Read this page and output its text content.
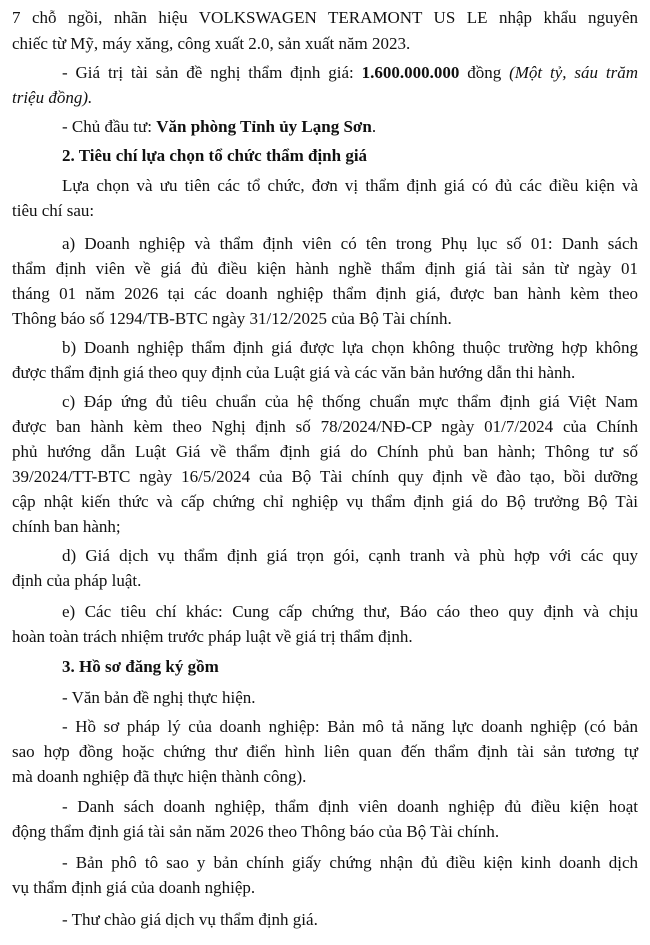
7 chỗ ngồi, nhãn hiệu VOLKSWAGEN TERAMONT US LE nhập khẩu nguyên
chiếc từ Mỹ, máy xăng, công xuất 2.0, sản xuất năm 2023.
- Giá trị tài sản đề nghị thẩm định giá: 1.600.000.000 đồng (Một tỷ, sáu trăm
triệu đồng).
- Chủ đầu tư: Văn phòng Tỉnh ủy Lạng Sơn.
2. Tiêu chí lựa chọn tổ chức thẩm định giá
Lựa chọn và ưu tiên các tổ chức, đơn vị thẩm định giá có đủ các điều kiện và
tiêu chí sau:
a) Doanh nghiệp và thẩm định viên có tên trong Phụ lục số 01: Danh sách
thẩm định viên về giá đủ điều kiện hành nghề thẩm định giá tài sản từ ngày 01
tháng 01 năm 2026 tại các doanh nghiệp thẩm định giá, được ban hành kèm theo
Thông báo số 1294/TB-BTC ngày 31/12/2025 của Bộ Tài chính.
b) Doanh nghiệp thẩm định giá được lựa chọn không thuộc trường hợp không
được thẩm định giá theo quy định của Luật giá và các văn bản hướng dẫn thi hành.
c) Đáp ứng đủ tiêu chuẩn của hệ thống chuẩn mực thẩm định giá Việt Nam
được ban hành kèm theo Nghị định số 78/2024/NĐ-CP ngày 01/7/2024 của Chính
phủ hướng dẫn Luật Giá về thẩm định giá do Chính phủ ban hành; Thông tư số
39/2024/TT-BTC ngày 16/5/2024 của Bộ Tài chính quy định về đào tạo, bồi dưỡng
cập nhật kiến thức và cấp chứng chỉ nghiệp vụ thẩm định giá do Bộ trưởng Bộ Tài
chính ban hành;
d) Giá dịch vụ thẩm định giá trọn gói, cạnh tranh và phù hợp với các quy
định của pháp luật.
e) Các tiêu chí khác: Cung cấp chứng thư, Báo cáo theo quy định và chịu
hoàn toàn trách nhiệm trước pháp luật về giá trị thẩm định.
3. Hồ sơ đăng ký gồm
- Văn bản đề nghị thực hiện.
- Hồ sơ pháp lý của doanh nghiệp: Bản mô tả năng lực doanh nghiệp (có bản
sao hợp đồng hoặc chứng thư điển hình liên quan đến thẩm định tài sản tương tự
mà doanh nghiệp đã thực hiện thành công).
- Danh sách doanh nghiệp, thẩm định viên doanh nghiệp đủ điều kiện hoạt
động thẩm định giá tài sản năm 2026 theo Thông báo của Bộ Tài chính.
- Bản phô tô sao y bản chính giấy chứng nhận đủ điều kiện kinh doanh dịch
vụ thẩm định giá của doanh nghiệp.
- Thư chào giá dịch vụ thẩm định giá.
